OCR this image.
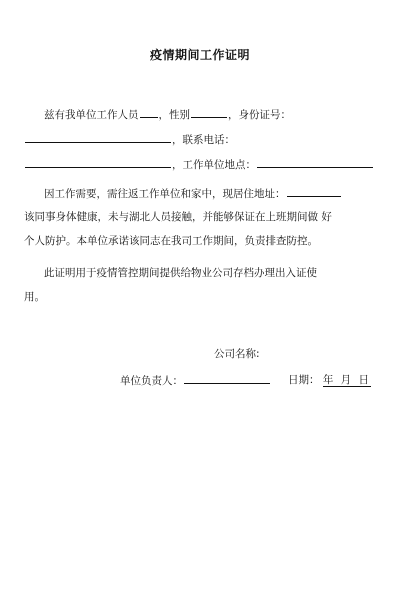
疫情期间工作证明
兹有我单位工作人员 ，性别	，身份证号：
，联系电话：
，工作单位地点：
因工作需要，需往返工作单位和家中，现居住地址：
该同事身体健康，未与湖北人员接触，并能够保证在上班期间做 好
个人防护。本单位承诺该同志在我司工作期间，负责排查防控。
此证明用于疫情管控期间提供给物业公司存档办理出入证使
用。
公司名称:
单位负责人：	日期： 年 月 日
